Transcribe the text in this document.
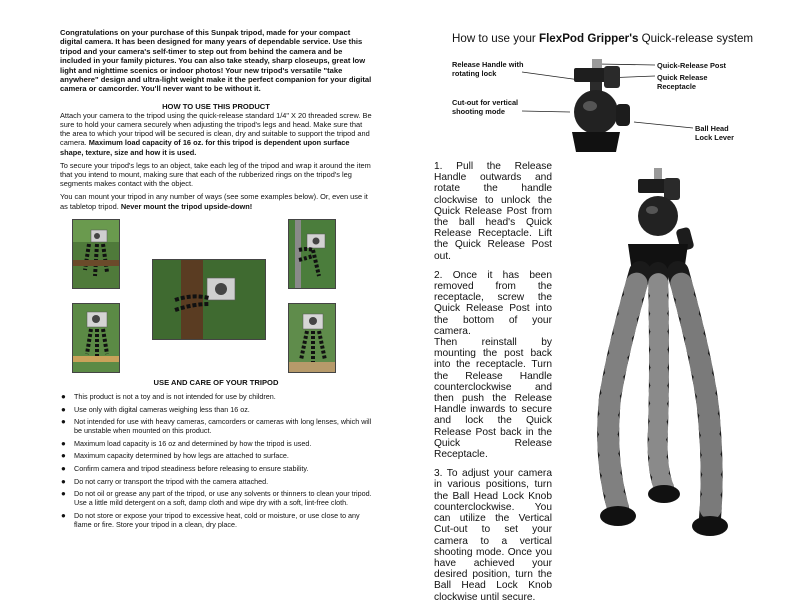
Congratulations on your purchase of this Sunpak tripod, made for your compact digital camera. It has been designed for many years of dependable service. Use this tripod and your camera's self-timer to step out from behind the camera and be included in your family pictures. You can also take steady, sharp closeups, great low light and nighttime scenics or indoor photos! Your new tripod's versatile "take anywhere" design and ultra-light weight make it the perfect companion for your digital camera or camcorder. You'll never want to be without it.

HOW TO USE THIS PRODUCT

Attach your camera to the tripod using the quick-release standard 1/4" X 20 threaded screw. Be sure to hold your camera securely when adjusting the tripod's legs and head. Make sure that the area to which your tripod will be secured is clean, dry and suitable to support the tripod and camera. Maximum load capacity of 16 oz. for this tripod is dependent upon surface shape, texture, size and how it is used.

To secure your tripod's legs to an object, take each leg of the tripod and wrap it around the item that you intend to mount, making sure that each of the rubberized rings on the tripod's leg segments makes contact with the object.

You can mount your tripod in any number of ways (see some examples below). Or, even use it as tabletop tripod. Never mount the tripod upside-down!

USE AND CARE OF YOUR TRIPOD

● This product is not a toy and is not intended for use by children.
● Use only with digital cameras weighing less than 16 oz.
● Not intended for use with heavy cameras, camcorders or cameras with long lenses, which will be unstable when mounted on this product.
● Maximum load capacity is 16 oz and determined by how the tripod is used.
● Maximum capacity determined by how legs are attached to surface.
● Confirm camera and tripod steadiness before releasing to ensure stability.
● Do not carry or transport the tripod with the camera attached.
● Do not oil or grease any part of the tripod, or use any solvents or thinners to clean your tripod. Use a little mild detergent on a soft, damp cloth and wipe dry with a soft, lint-free cloth.
● Do not store or expose your tripod to excessive heat, cold or moisture, or use close to any flame or fire. Store your tripod in a clean, dry place.
How to use your FlexPod Gripper's Quick-release system
Release Handle with rotating lock
Cut-out for vertical shooting mode
Quick-Release Post
Quick Release Receptacle
Ball Head Lock Lever

1. Pull the Release Handle outwards and rotate the handle clockwise to unlock the Quick Release Post from the ball head's Quick Release Receptacle. Lift the Quick Release Post out.

2. Once it has been removed from the receptacle, screw the Quick Release Post into the bottom of your camera.
Then reinstall by mounting the post back into the receptacle. Turn the Release Handle counterclockwise and then push the Release Handle inwards to secure and lock the Quick Release Post back in the Quick Release Receptacle.

3. To adjust your camera in various positions, turn the Ball Head Lock Knob counterclockwise. You can utilize the Vertical Cut-out to set your camera to a vertical shooting mode. Once you have achieved your desired position, turn the Ball Head Lock Knob clockwise until secure.
